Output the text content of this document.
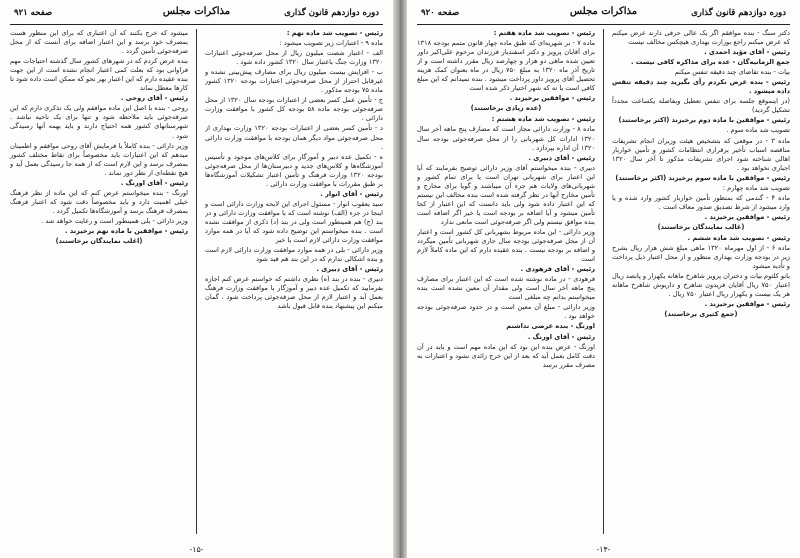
دوره دوازدهم قانون گذاری
مذاکرات مجلس
صفحه ۹۲۱

رئیس - تصویب شد ماده نهم :

ماده ۹ - اعتبارات زیر تصویب میشود :

الف - اعتبار شصت میلیون ریال از محل صرفه‌جوئی اعتبارات ۱۳۲۰ وزارت جنگ باعتبار سال ۱۳۲۰ کشور داده شود .

ب - افزایش بیست میلیون ریال برای مصارف پیش‌بینی نشده و غیرقابل احتراز از محل صرفه‌جوئی اعتبارات بودجه ۱۳۲۰ کشور ماده ۷۵ بودجه مذکور .

ج - تأمین عمل کسر بعضی از اعتبارات بودجه سال ۱۳۲۰ از محل صرفه‌جوئی بودجه ماده ۵۸ بودجه کل کشور با موافقت وزارت دارائی .

د - تأمین کسر بعضی از اعتبارات بودجه ۱۳۲۰ وزارت بهداری از محل صرفه‌جوئی مواد دیگر همان بودجه با موافقت وزارت دارائی .

ه - تکمیل عده دبیر و آموزگار برای کلاس‌های موجود و تأسیس آموزشگاه‌ها و کلاس‌های جدید و دبیرستان‌ها از محل صرفه‌جوئی بودجه ۱۳۲۰ وزارت فرهنگ و تأمین اعتبار تشکیلات آموزشگاه‌ها بر طبق مقررات با موافقت وزارت دارائی .

رئیس - آقای انوار .

سید یعقوب انوار - مسئول اجرای این لایحه وزارت دارائی است و اینجا در جزء (الف) نوشته است که با موافقت وزارت دارائی و در بند (ج) هم همینطور است ولی در بند (د) ذکری از موافقت نشده است . بنده میخواستم این توضیح داده شود که آیا در همه موارد موافقت وزارت دارائی لازم است یا خیر

وزیر دارائی - بلی در همه موارد موافقت وزارت دارائی لازم است و بنده اشکالی ندارم که در این بند هم قید شود

رئیس - آقای دبیری .

دبیری - بنده در بند (ه) نظری داشتم که خواستم عرض کنم اجازه بفرمایید که تکمیل عده دبیر و آموزگار با موافقت وزارت فرهنگ بعمل آید و اعتبار لازم از محل صرفه‌جوئی پرداخت شود . گمان میکنم این پیشنهاد بنده قابل قبول باشد

میشود که خرج بکنند که آن اعتباری که برای این منظور هست بمصرف خود برسد و این اعتبار اضافه برای آنست که از محل صرفه‌جوئی تأمین گردد .

بنده عرض کردم که در شهرهای کشور سال گذشته احتیاجات مهم فراوانی بود که بعلت کمی اعتبار انجام نشده است از این جهت بنده عقیده دارم که این اعتبار بهر نحو که ممکن است داده شود تا کارها معطل نماند

رئیس - آقای روحی .

روحی - بنده با اصل این ماده موافقم ولی یک تذکری دارم که این صرفه‌جوئی باید ملاحظه شود و تنها برای یک ناحیه نباشد . شهرستانهای کشور همه احتیاج دارند و باید بهمه آنها رسیدگی شود .

وزیر دارائی - بنده کاملاً با فرمایش آقای روحی موافقم و اطمینان میدهم که این اعتبارات باید مخصوصاً برای نقاط مختلف کشور بمصرف برسد و این لازم است که از همه جا رسیدگی بعمل آید و هیچ نقطه‌ای از نظر دور نماند .

رئیس - آقای اورنگ .

اورنگ - بنده میخواستم عرض کنم که این ماده از نظر فرهنگ خیلی اهمیت دارد و باید مخصوصاً دقت شود که اعتبار فرهنگ بمصرف فرهنگ برسد و آموزشگاه‌ها تکمیل گردد .

وزیر دارائی - بلی همینطور است و رعایت خواهد شد .

رئیس - موافقین با ماده نهم برخیزند .

(اغلب نمایندگان برخاستند)

-۱۵-
دوره دوازدهم قانون گذاری
مذاکرات مجلس
صفحه ۹۲۰

دکتر سنگ - بنده موافقم اگر یک عالی حرفی دارند عرض میکنم که عرض میکنم راجع بوزارت بهداری هیچکس مخالف نیست

رئیس - آقای مؤید احمدی .

جمع الزمانیه‌گان - عده برای مذاکره کافی نیست .

بیات - بنده تقاضای چند دقیقه تنفس میکنم

رئیس - بنده عرض نکردم رأی بگیرید چند دقیقه تنفس داده میشود .

(در اینموقع جلسه برای تنفس تعطیل وبفاصله یکساعت مجدداً تشکیل گردید)

رئیس - موافقین با ماده دوم برخیزند (اکثر برخاستند)

تصویب شد ماده سوم .

ماده ۳ - در موقعی که بتشخیص هیئت وزیران انجام تشریفات مناقصه اسباب تأخیر برقراری انتظامات کشور و تأمین خواربار اهالی شناخته شود اجرای تشریفات مذکور تا آخر سال ۱۳۲۰ اجباری نخواهد بود .

رئیس - موافقین با ماده سوم برخیزند (اکثر برخاستند)

تصویب شد ماده چهارم :

ماده ۴ - گندمی که بمنظور تأمین خواربار کشور وارد شده و یا وارد میشود از شرط تصدیق صدور معاف است .

رئیس - موافقین برخیزند .

(غالب نمایندگان برخاستند)

رئیس - تصویب شد ماده ششم .

ماده ۶ - از اول مهرماه ۱۳۲۰ ماهی مبلغ شش هزار ریال بشرح زیر در بودجه وزارت بهداری منظور و از محل اعتبار ذیل پرداخت و تأدیه میشود

بانو کلثوم بیات و دختران پرویز شاهرخ ماهانه یکهزار و پانصد ریال اعتبار ۷۵۰ ریال آقایان فریدون شاهرخ و داریوش شاهرخ ماهانه هر یک بیست و یکهزار ریال اعتبار ۷۵۰ ریال .

رئیس - موافقین برخیزند .

(جمع کثیری برخاستند)

رئیس - تصویب شد ماده هفتم :

ماده ۷ - بر شهریه‌ای که طبق ماده چهار قانون متمم بودجه ۱۳۱۸ برای آقایان پرویز و دکتر اسفندیار فرزندان مرحوم علی‌اکبر داور تعیین شده ماهی دو هزار و چهارصد ریال مقرر داشته است و از تاریخ آذر ماه ۱۳۲۰ به مبلغ ۷۵۰ ریال در ماه بعنوان کمک هزینه تحصیل آقای پرویز داور پرداخت میشود . بنده نمیدانم که این مبلغ کافی است یا نه که شهر اختیار ذکر شده است

رئیس - موافقین برخیزند .

(عده زیادی برخاستند)

رئیس - تصویب شد ماده هشتم :

ماده ۸ - وزارت دارائی مجاز است که مصارف پنج ماهه آخر سال ۱۳۲۰ ادارات کل شهربانی را از محل صرفه‌جوئی بودجه سال ۱۳۲۰ آن اداره بپردازد .

رئیس - آقای دبیری .

دبیری - بنده میخواستم آقای وزیر دارائی توضیح بفرمایند که آیا این اعتبار برای شهربانی تهران است یا برای تمام کشور و شهربانی‌های ولایات هم جزء آن میباشند و گویا برای مخارج و تأمین مخارج آنها در نظر گرفته شده است بنده مخالف این نیستم که این اعتبار داده شود ولی باید دانست که این اعتبار از کجا تأمین میشود و آیا اضافه بر بودجه است یا خیر اگر اضافه است بنده موافق نیستم ولی اگر صرفه‌جوئی است مانعی ندارد

وزیر دارائی - این ماده مربوط بشهربانی کل کشور است و اعتبار آن از محل صرفه‌جوئی بودجه سال جاری شهربانی تأمین میگردد و اضافه بر بودجه نیست . بنده عقیده دارم که این ماده کاملاً لازم است

رئیس - آقای فرهودی .

فرهودی - در ماده نوشته شده است که این اعتبار برای مصارف پنج ماهه آخر سال است ولی مقدار آن معین نشده است بنده میخواستم بدانم چه مبلغی است

وزیر دارائی - مبلغ آن معین است و در حدود صرفه‌جوئی بودجه خواهد بود .

اورنگ - بنده عرضی نداشتم

رئیس - آقای اورنگ .

اورنگ - عرض بنده این بود که این ماده مهم است و باید در آن دقت کامل بعمل آید که بعد از این خرج زائدی نشود و اعتبارات به مصرف مقرر برسد

-۱۴-
